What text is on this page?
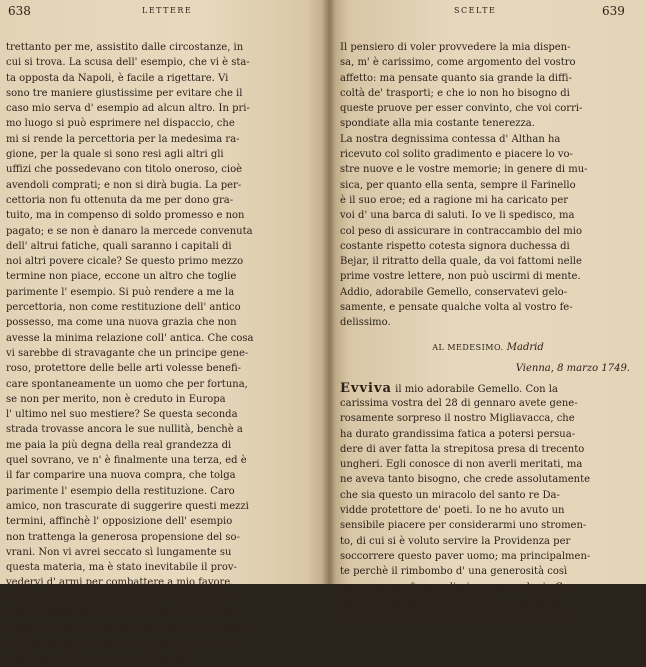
638	LETTERE
trettanto per me, assistito dalle circostanze, in
cui si trova. La scusa dell' esempio, che vi è sta-
ta opposta da Napoli, è facile a rigettare. Vi
sono tre maniere giustissime per evitare che il
caso mio serva d' esempio ad alcun altro. In pri-
mo luogo si può esprimere nel dispaccio, che
mi si rende la percettoria per la medesima ra-
gione, per la quale si sono resi agli altri gli
uffizi che possedevano con titolo oneroso, cioè
avendoli comprati; e non si dirà bugia. La per-
cettoria non fu ottenuta da me per dono gra-
tuito, ma in compenso di soldo promesso e non
pagato; e se non è danaro la mercede convenuta
dell' altrui fatiche, quali saranno i capitali di
noi altri povere cicale? Se questo primo mezzo
termine non piace, eccone un altro che toglie
parimente l' esempio. Si può rendere a me la
percettoria, non come restituzione dell' antico
possesso, ma come una nuova grazia che non
avesse la minima relazione coll' antica. Che cosa
vi sarebbe di stravagante che un principe gene-
roso, protettore delle belle arti volesse benefi-
care spontaneamente un uomo che per fortuna,
se non per merito, non è creduto in Europa
l' ultimo nel suo mestiere? Se questa seconda
strada trovasse ancora le sue nullità, benchè a
me paia la più degna della real grandezza di
quel sovrano, ve n' è finalmente una terza, ed è
il far comparire una nuova compra, che tolga
parimente l' esempio della restituzione. Caro
amico, non trascurate di suggerire questi mezzi
termini, affinchè l' opposizione dell' esempio
non trattenga la generosa propensione del so-
vrani. Non vi avrei seccato sì lungamente su
questa materia, ma è stato inevitabile il prov-
vedervi d' armi per combattere a mio favore.
Vi rendo grazie della ricetta, ch' io farò ese-
guire esattamente, e ne farò uso, e con tanta
maggiore speranza di profitto, quanto m' è più
caro di qualunque altra cosa ciò che mi vien
dalle mani del mio amabile Gemello.
SCELTE	639
Il pensiero di voler provvedere la mia dispen-
sa, m' è carissimo, come argomento del vostro
affetto: ma pensate quanto sia grande la diffi-
coltà de' trasporti; e che io non ho bisogno di
queste pruove per esser convinto, che voi corri-
spondiate alla mia costante tenerezza.
La nostra degnissima contessa d' Althan ha
ricevuto col solito gradimento e piacere lo vo-
stre nuove e le vostre memorie; in genere di mu-
sica, per quanto ella senta, sempre il Farinello
è il suo eroe; ed a ragione mi ha caricato per
voi d' una barca di saluti. Io ve li spedisco, ma
col peso di assicurare in contraccambio del mio
costante rispetto cotesta signora duchessa di
Bejar, il ritratto della quale, da voi fattomi nelle
prime vostre lettere, non può uscirmi di mente.
Addio, adorabile Gemello, conservatevi gelo-
samente, e pensate qualche volta al vostro fe-
delissimo.
AL MEDESIMO. Madrid
Vienna, 8 marzo 1749.
Evviva il mio adorabile Gemello. Con la
carissima vostra del 28 di gennaro avete gene-
rosamente sorpreso il nostro Migliavacca, che
ha durato grandissima fatica a potersi persua-
dere di aver fatta la strepitosa presa di trecento
ungheri. Egli conosce di non averli meritati, ma
ne aveva tanto bisogno, che crede assolutamente
che sia questo un miracolo del santo re Da-
vidde protettore de' poeti. Io ne ho avuto un
sensibile piacere per considerarmi uno stromen-
to, di cui si è voluto servire la Providenza per
soccorrere questo paver uomo; ma principalmen-
te perchè il rimbombo d' una generosità così
poco comune fa grandissimo onore al mio Ge-
mello. Il Migliavacca non la tace, e io ne ho
riempito e la città e la corte; ed ho ogni giorno
